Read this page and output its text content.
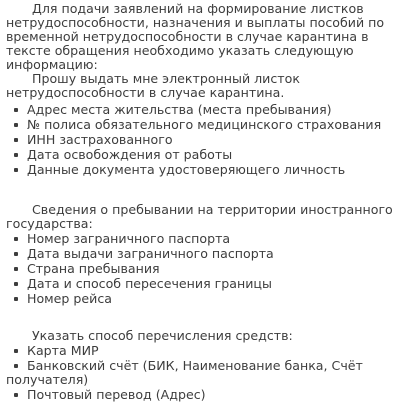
Для подачи заявлений на формирование листков
нетрудоспособности, назначения и выплаты пособий по
временной нетрудоспособности в случае карантина в
тексте обращения необходимо указать следующую
информацию:
Прошу выдать мне электронный листок
нетрудоспособности в случае карантина.
Адрес места жительства (места пребывания)
№ полиса обязательного медицинского страхования
ИНН застрахованного
Дата освобождения от работы
Данные документа удостоверяющего личность
Сведения о пребывании на территории иностранного
государства:
Номер заграничного паспорта
Дата выдачи заграничного паспорта
Страна пребывания
Дата и способ пересечения границы
Номер рейса
Указать способ перечисления средств:
Карта МИР
Банковский счёт (БИК, Наименование банка, Счёт
получателя)
Почтовый перевод (Адрес)
